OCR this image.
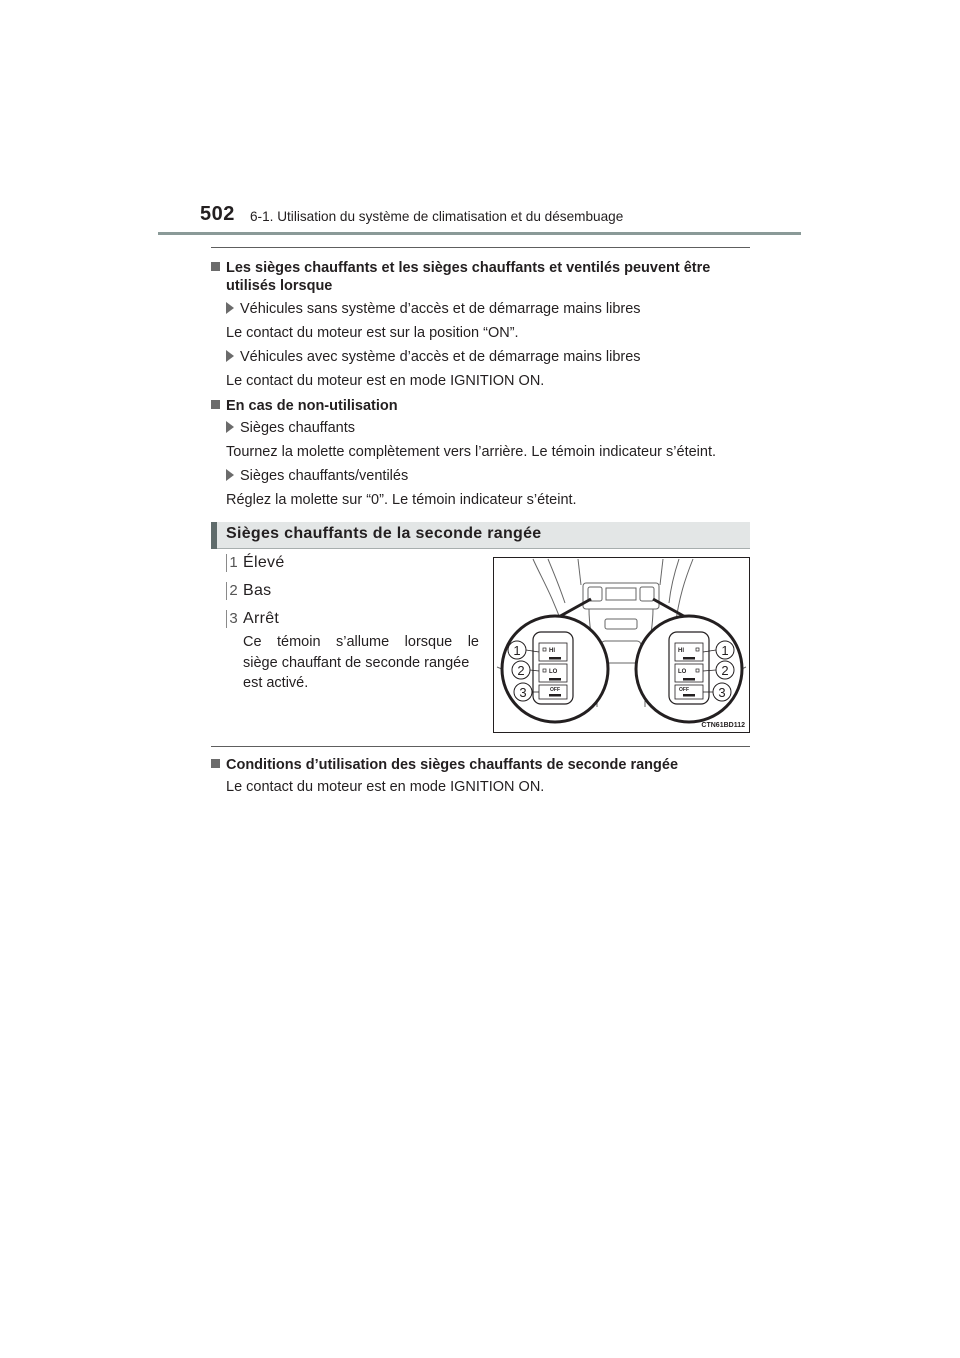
502 6-1. Utilisation du système de climatisation et du désembuage
Les sièges chauffants et les sièges chauffants et ventilés peuvent être
utilisés lorsque
Véhicules sans système d’accès et de démarrage mains libres
Le contact du moteur est sur la position “ON”.
Véhicules avec système d’accès et de démarrage mains libres
Le contact du moteur est en mode IGNITION ON.
En cas de non-utilisation
Sièges chauffants
Tournez la molette complètement vers l’arrière. Le témoin indicateur s’éteint.
Sièges chauffants/ventilés
Réglez la molette sur “0”. Le témoin indicateur s’éteint.
Sièges chauffants de la seconde rangée
1 Élevé
2 Bas
3 Arrêt
Ce témoin s’allume lorsque le
siège chauffant de seconde rangée
est activé.
HI
LO
OFF
1
2
3
HI
LO
OFF
1
2
3
CTN61BD112
Conditions d’utilisation des sièges chauffants de seconde rangée
Le contact du moteur est en mode IGNITION ON.
